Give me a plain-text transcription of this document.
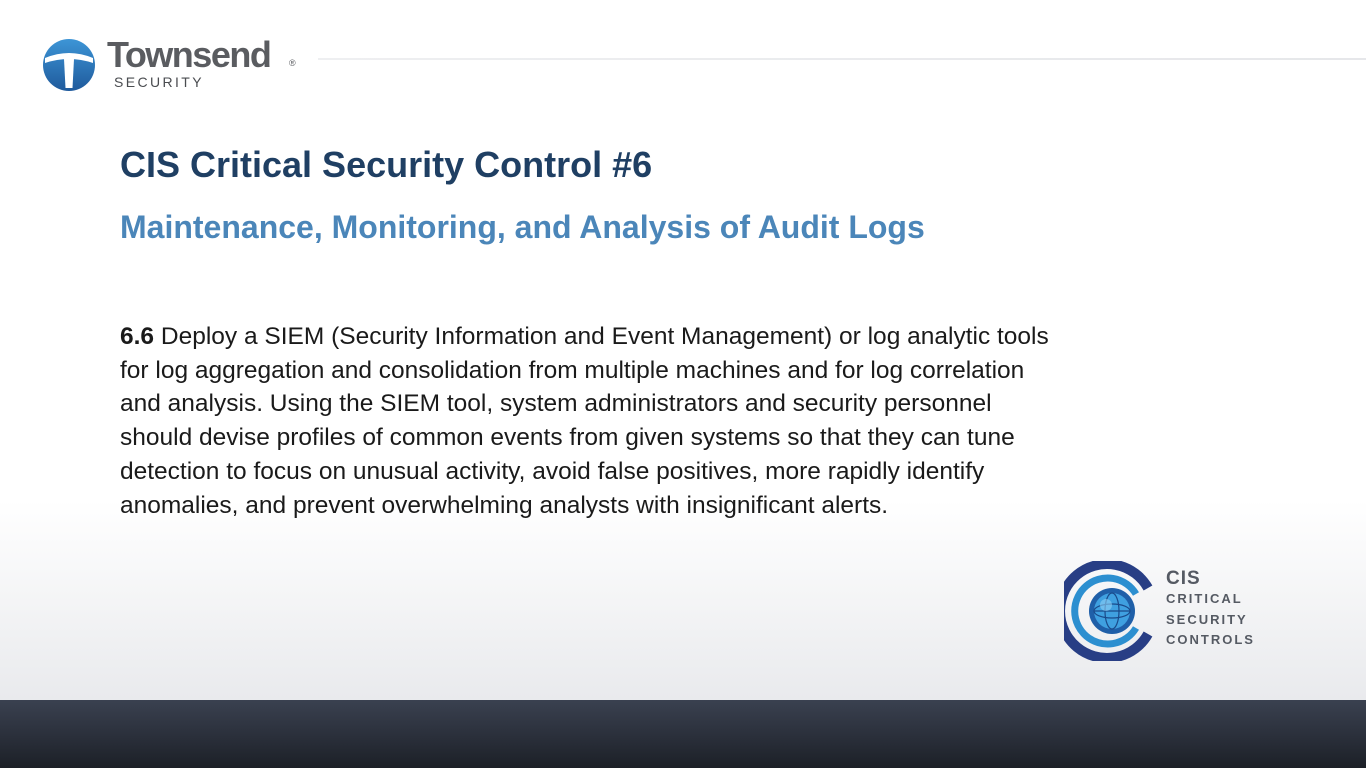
Townsend ®
SECURITY
CIS Critical Security Control #6
Maintenance, Monitoring, and Analysis of Audit Logs

6.6 Deploy a SIEM (Security Information and Event Management) or log analytic tools for log aggregation and consolidation from multiple machines and for log correlation and analysis. Using the SIEM tool, system administrators and security personnel should devise profiles of common events from given systems so that they can tune detection to focus on unusual activity, avoid false positives, more rapidly identify anomalies, and prevent overwhelming analysts with insignificant alerts.

CIS
CRITICAL
SECURITY
CONTROLS
